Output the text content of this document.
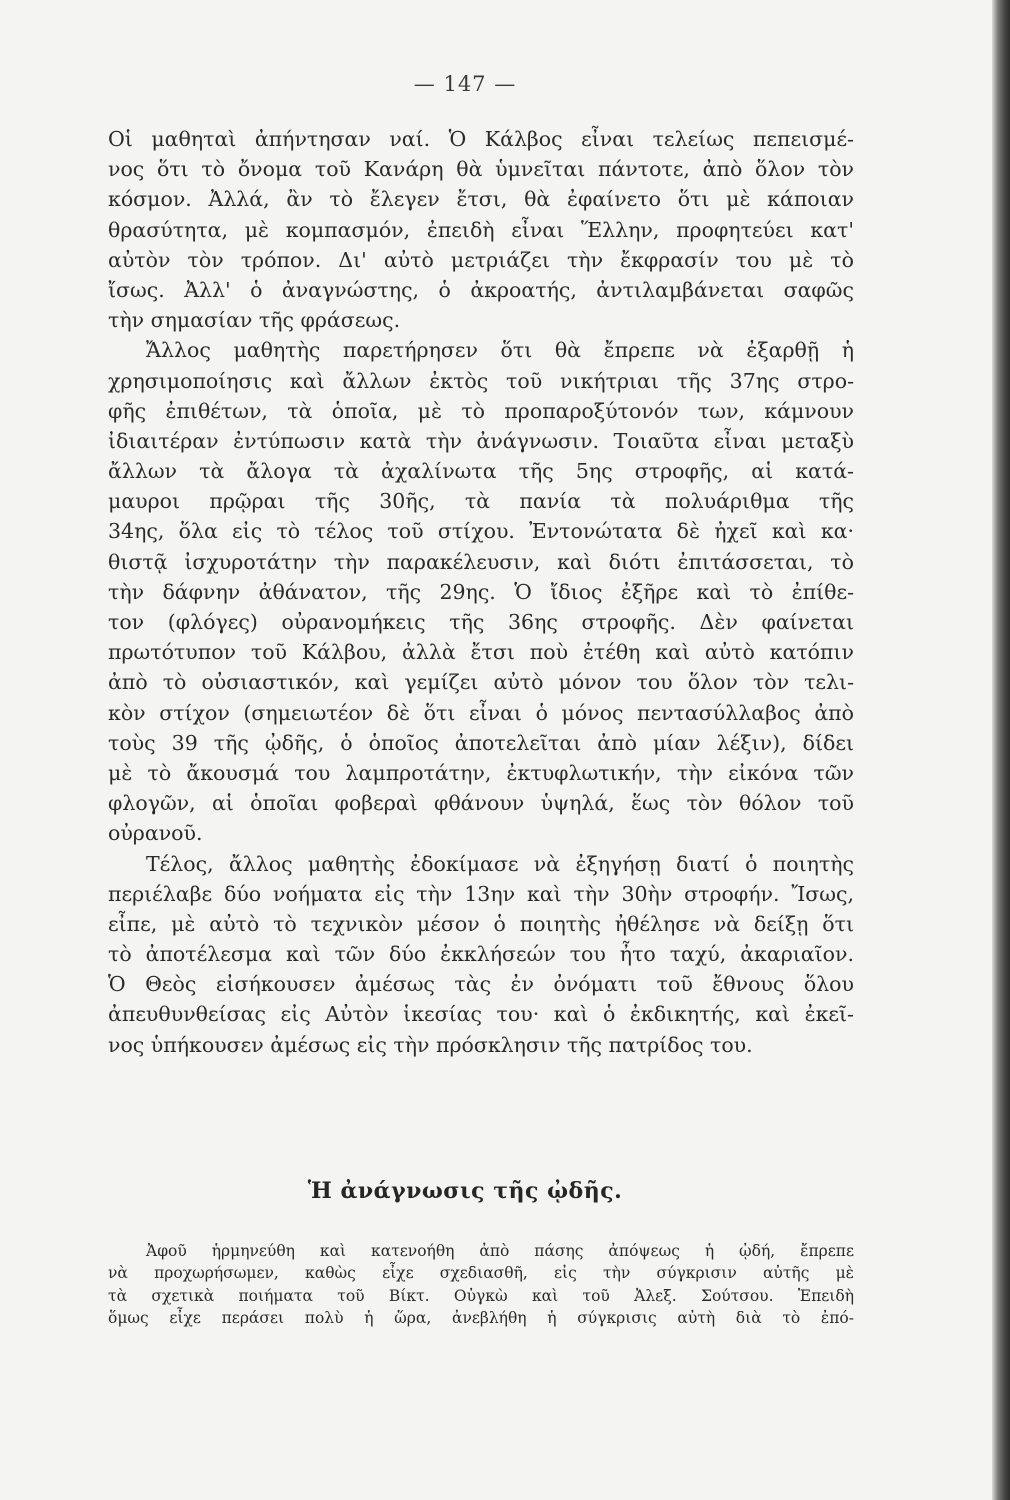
— 147 —
Οἱ μαθηταὶ ἀπήντησαν ναί. Ὁ Κάλβος εἶναι τελείως πεπεισμέ-
νος ὅτι τὸ ὄνομα τοῦ Κανάρη θὰ ὑμνεῖται πάντοτε, ἀπὸ ὅλον τὸν
κόσμον. Ἀλλά, ἂν τὸ ἔλεγεν ἔτσι, θὰ ἐφαίνετο ὅτι μὲ κάποιαν
θρασύτητα, μὲ κομπασμόν, ἐπειδὴ εἶναι Ἕλλην, προφητεύει κατ'
αὐτὸν τὸν τρόπον. Δι' αὐτὸ μετριάζει τὴν ἔκφρασίν του μὲ τὸ
ἴσως. Ἀλλ' ὁ ἀναγνώστης, ὁ ἀκροατής, ἀντιλαμβάνεται σαφῶς
τὴν σημασίαν τῆς φράσεως.
Ἄλλος μαθητὴς παρετήρησεν ὅτι θὰ ἔπρεπε νὰ ἐξαρθῇ ἡ
χρησιμοποίησις καὶ ἄλλων ἐκτὸς τοῦ νικήτριαι τῆς 37ης στρο-
φῆς ἐπιθέτων, τὰ ὁποῖα, μὲ τὸ προπαροξύτονόν των, κάμνουν
ἰδιαιτέραν ἐντύπωσιν κατὰ τὴν ἀνάγνωσιν. Τοιαῦτα εἶναι μεταξὺ
ἄλλων τὰ ἄλογα τὰ ἀχαλίνωτα τῆς 5ης στροφῆς, αἱ κατά-
μαυροι πρῷραι τῆς 30ῆς, τὰ πανία τὰ πολυάριθμα τῆς
34ης, ὅλα εἰς τὸ τέλος τοῦ στίχου. Ἐντονώτατα δὲ ἠχεῖ καὶ κα·
θιστᾷ ἰσχυροτάτην τὴν παρακέλευσιν, καὶ διότι ἐπιτάσσεται, τὸ
τὴν δάφνην ἀθάνατον, τῆς 29ης. Ὁ ἴδιος ἐξῆρε καὶ τὸ ἐπίθε-
τον (φλόγες) οὐρανομήκεις τῆς 36ης στροφῆς. Δὲν φαίνεται
πρωτότυπον τοῦ Κάλβου, ἀλλὰ ἔτσι ποὺ ἐτέθη καὶ αὐτὸ κατόπιν
ἀπὸ τὸ οὐσιαστικόν, καὶ γεμίζει αὐτὸ μόνον του ὅλον τὸν τελι-
κὸν στίχον (σημειωτέον δὲ ὅτι εἶναι ὁ μόνος πεντασύλλαβος ἀπὸ
τοὺς 39 τῆς ᾠδῆς, ὁ ὁποῖος ἀποτελεῖται ἀπὸ μίαν λέξιν), δίδει
μὲ τὸ ἄκουσμά του λαμπροτάτην, ἐκτυφλωτικήν, τὴν εἰκόνα τῶν
φλογῶν, αἱ ὁποῖαι φοβεραὶ φθάνουν ὑψηλά, ἕως τὸν θόλον τοῦ
οὐρανοῦ.
Τέλος, ἄλλος μαθητὴς ἐδοκίμασε νὰ ἐξηγήσῃ διατί ὁ ποιητὴς
περιέλαβε δύο νοήματα εἰς τὴν 13ην καὶ τὴν 30ὴν στροφήν. Ἴσως,
εἶπε, μὲ αὐτὸ τὸ τεχνικὸν μέσον ὁ ποιητὴς ἠθέλησε νὰ δείξῃ ὅτι
τὸ ἀποτέλεσμα καὶ τῶν δύο ἐκκλήσεών του ἦτο ταχύ, ἀκαριαῖον.
Ὁ Θεὸς εἰσήκουσεν ἀμέσως τὰς ἐν ὀνόματι τοῦ ἔθνους ὅλου
ἀπευθυνθείσας εἰς Αὐτὸν ἱκεσίας του· καὶ ὁ ἐκδικητής, καὶ ἐκεῖ-
νος ὑπήκουσεν ἀμέσως εἰς τὴν πρόσκλησιν τῆς πατρίδος του.
Ἡ ἀνάγνωσις τῆς ᾠδῆς.
Ἀφοῦ ἡρμηνεύθη καὶ κατενοήθη ἀπὸ πάσης ἀπόψεως ἡ ᾠδή, ἔπρεπε
νὰ προχωρήσωμεν, καθὼς εἶχε σχεδιασθῆ, εἰς τὴν σύγκρισιν αὐτῆς μὲ
τὰ σχετικὰ ποιήματα τοῦ Βίκτ. Οὐγκὼ καὶ τοῦ Ἀλεξ. Σούτσου. Ἐπειδὴ
ὅμως εἶχε περάσει πολὺ ἡ ὥρα, ἀνεβλήθη ἡ σύγκρισις αὐτὴ διὰ τὸ ἐπό-
